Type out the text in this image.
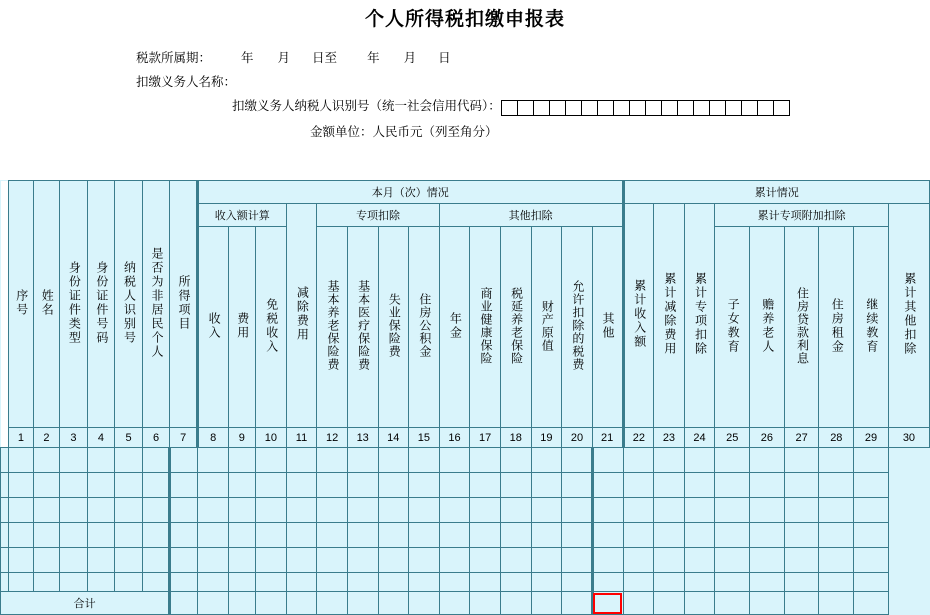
个人所得税扣缴申报表
税款所属期： 年 月 日至 年 月 日
扣缴义务人名称：
扣缴义务人纳税人识别号（统一社会信用代码）：
金额单位：人民币元（列至角分）
	序号	姓名	身份证件类型	身份证件号码	纳税人识别号	是否为非居民个人	所得项目	本月（次）情况														累计情况								
								收入额计算			减除费用	专项扣除				其他扣除						累计收入额	累计减除费用	累计专项扣除	累计专项附加扣除					累计其他扣除
								收入	费用	免税收入		基本养老保险费	基本医疗保险费	失业保险费	住房公积金	年金	商业健康保险	税延养老保险	财产原值	允许扣除的税费	其他				子女教育	赡养老人	住房贷款利息	住房租金	继续教育	
	1	2	3	4	5	6	7	8	9	10	11	12	13	14	15	16	17	18	19	20	21	22	23	24	25	26	27	28	29	30

合计																														
